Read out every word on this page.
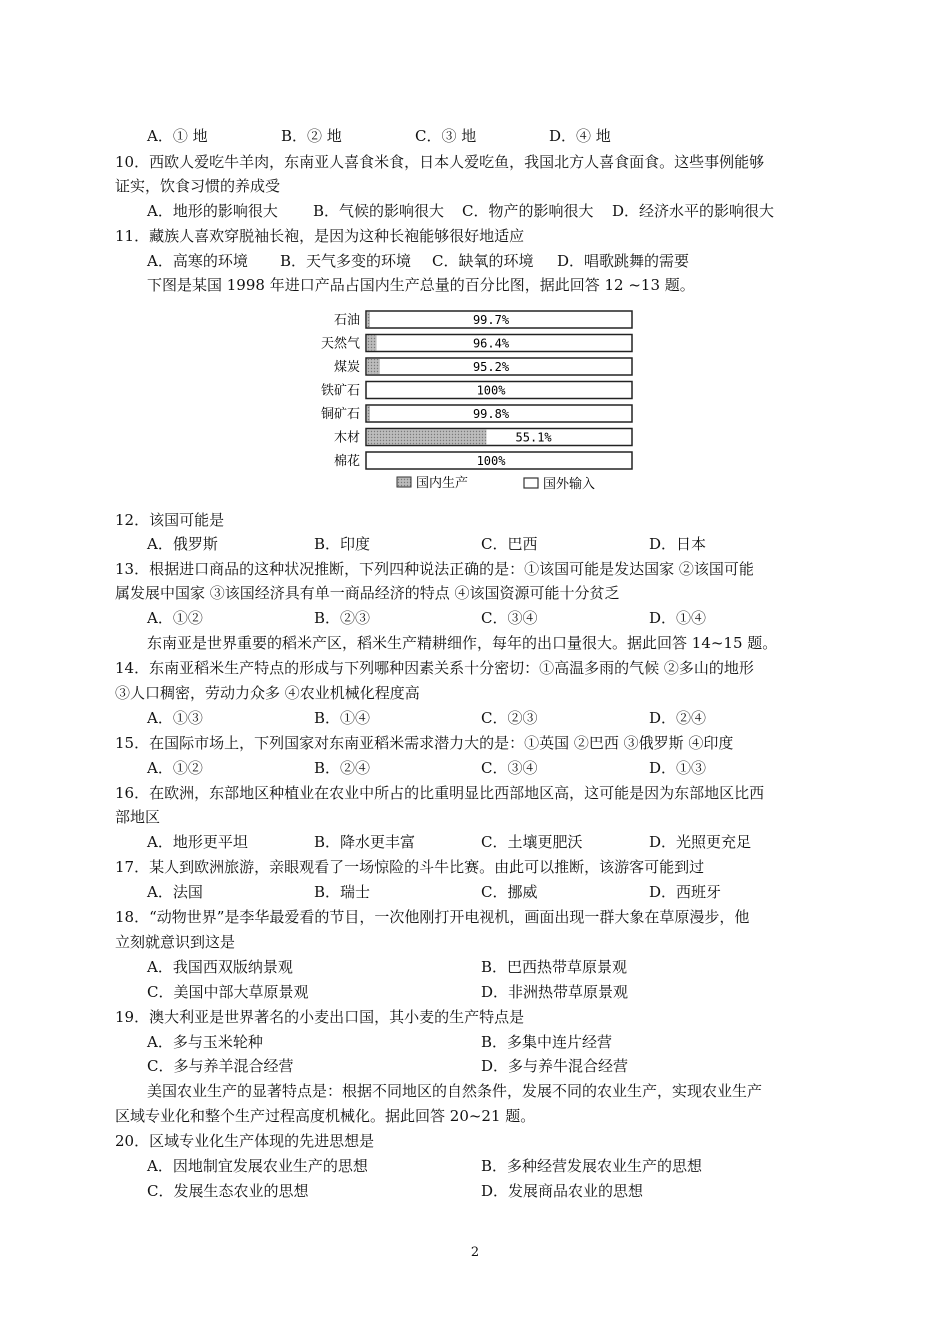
A．① 地	B．② 地	C．③ 地	D．④ 地
10．西欧人爱吃牛羊肉，东南亚人喜食米食，日本人爱吃鱼，我国北方人喜食面食。这些事例能够
证实，饮食习惯的养成受
A．地形的影响很大 B．气候的影响很大 C．物产的影响很大 D．经济水平的影响很大
11．藏族人喜欢穿脱袖长袍，是因为这种长袍能够很好地适应
A．高寒的环境 B．天气多变的环境 C．缺氧的环境 D．唱歌跳舞的需要
下图是某国 1998 年进口产品占国内生产总量的百分比图，据此回答 12 ~13 题。
石油	99.7%
天然气	96.4%
煤炭	95.2%
铁矿石	100%
铜矿石	99.8%
木材	55.1%
棉花	100%
国内生产	国外输入
12．该国可能是
A．俄罗斯	B．印度	C．巴西	D．日本
13．根据进口商品的这种状况推断，下列四种说法正确的是：①该国可能是发达国家 ②该国可能
属发展中国家 ③该国经济具有单一商品经济的特点 ④该国资源可能十分贫乏
A．①②	B．②③	C．③④	D．①④
东南亚是世界重要的稻米产区，稻米生产精耕细作，每年的出口量很大。据此回答 14~15 题。
14．东南亚稻米生产特点的形成与下列哪种因素关系十分密切：①高温多雨的气候 ②多山的地形
③人口稠密，劳动力众多 ④农业机械化程度高
A．①③	B．①④	C．②③	D．②④
15．在国际市场上，下列国家对东南亚稻米需求潜力大的是：①英国 ②巴西 ③俄罗斯 ④印度
A．①②	B．②④	C．③④	D．①③
16．在欧洲，东部地区种植业在农业中所占的比重明显比西部地区高，这可能是因为东部地区比西
部地区
A．地形更平坦	B．降水更丰富	C．土壤更肥沃	D．光照更充足
17．某人到欧洲旅游，亲眼观看了一场惊险的斗牛比赛。由此可以推断，该游客可能到过
A．法国	B．瑞士	C．挪威	D．西班牙
18．“动物世界”是李华最爱看的节目，一次他刚打开电视机，画面出现一群大象在草原漫步，他
立刻就意识到这是
A．我国西双版纳景观	B．巴西热带草原景观
C．美国中部大草原景观	D．非洲热带草原景观
19．澳大利亚是世界著名的小麦出口国，其小麦的生产特点是
A．多与玉米轮种	B．多集中连片经营
C．多与养羊混合经营	D．多与养牛混合经营
美国农业生产的显著特点是：根据不同地区的自然条件，发展不同的农业生产，实现农业生产
区域专业化和整个生产过程高度机械化。据此回答 20~21 题。
20．区域专业化生产体现的先进思想是
A．因地制宜发展农业生产的思想	B．多种经营发展农业生产的思想
C．发展生态农业的思想	D．发展商品农业的思想
2
